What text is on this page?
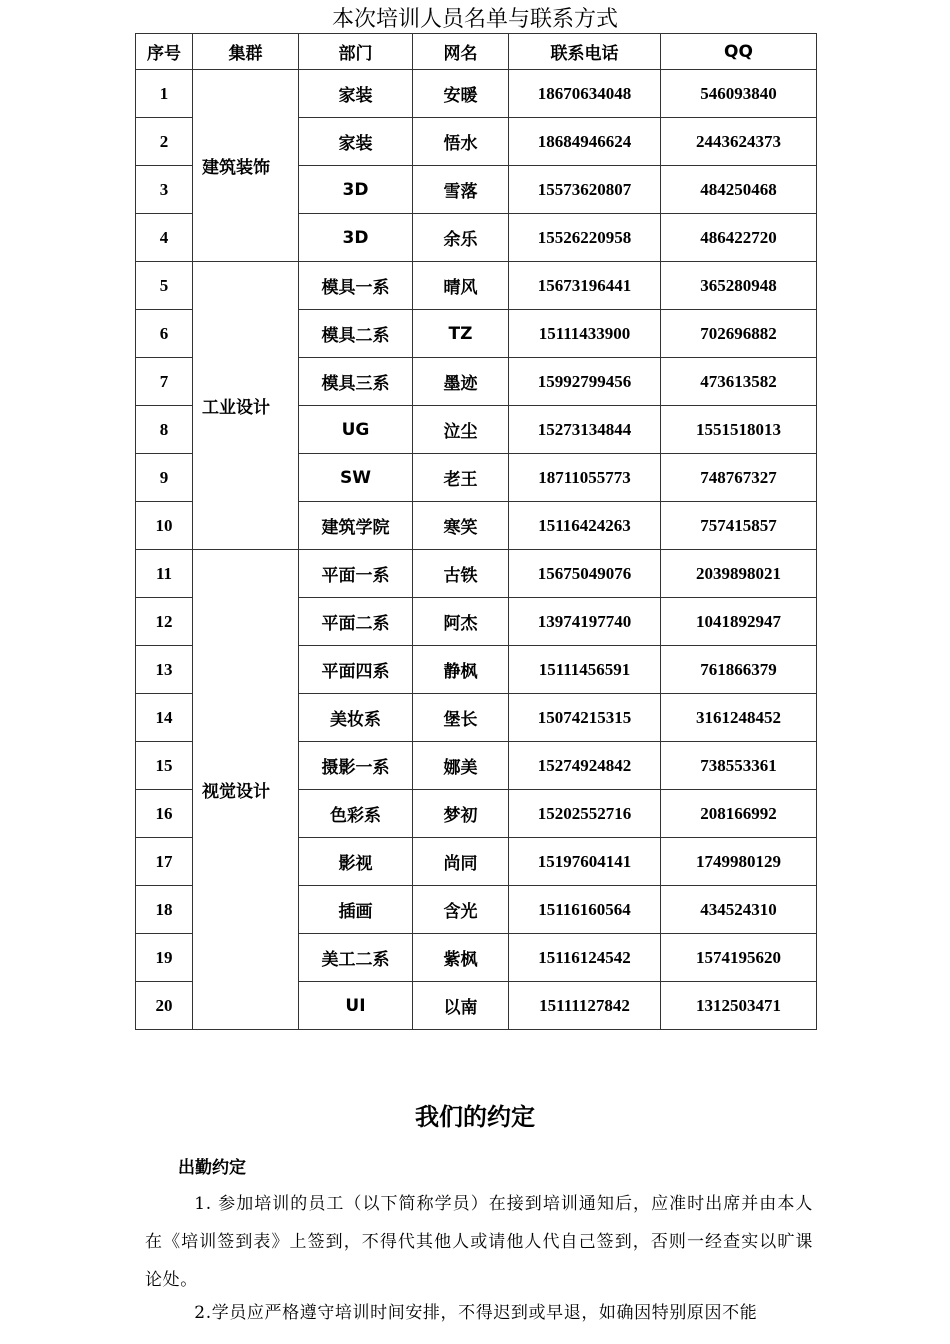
本次培训人员名单与联系方式
序号	集群	部门	网名	联系电话	QQ
1	建筑装饰	家装	安暖	18670634048	546093840
2		家装	悟水	18684946624	2443624373
3		3D	雪落	15573620807	484250468
4		3D	余乐	15526220958	486422720
5	工业设计	模具一系	晴风	15673196441	365280948
6		模具二系	TZ	15111433900	702696882
7		模具三系	墨迹	15992799456	473613582
8		UG	泣尘	15273134844	1551518013
9		SW	老王	18711055773	748767327
10		建筑学院	寒笑	15116424263	757415857
11	视觉设计	平面一系	古铁	15675049076	2039898021
12		平面二系	阿杰	13974197740	1041892947
13		平面四系	静枫	15111456591	761866379
14		美妆系	堡长	15074215315	3161248452
15		摄影一系	娜美	15274924842	738553361
16		色彩系	梦初	15202552716	208166992
17		影视	尚同	15197604141	1749980129
18		插画	含光	15116160564	434524310
19		美工二系	紫枫	15116124542	1574195620
20		UI	以南	15111127842	1312503471
我们的约定
出勤约定

1. 参加培训的员工（以下简称学员）在接到培训通知后，应准时出席并由本人在《培训签到表》上签到，不得代其他人或请他人代自己签到，否则一经查实以旷课论处。

2.学员应严格遵守培训时间安排，不得迟到或早退，如确因特别原因不能
